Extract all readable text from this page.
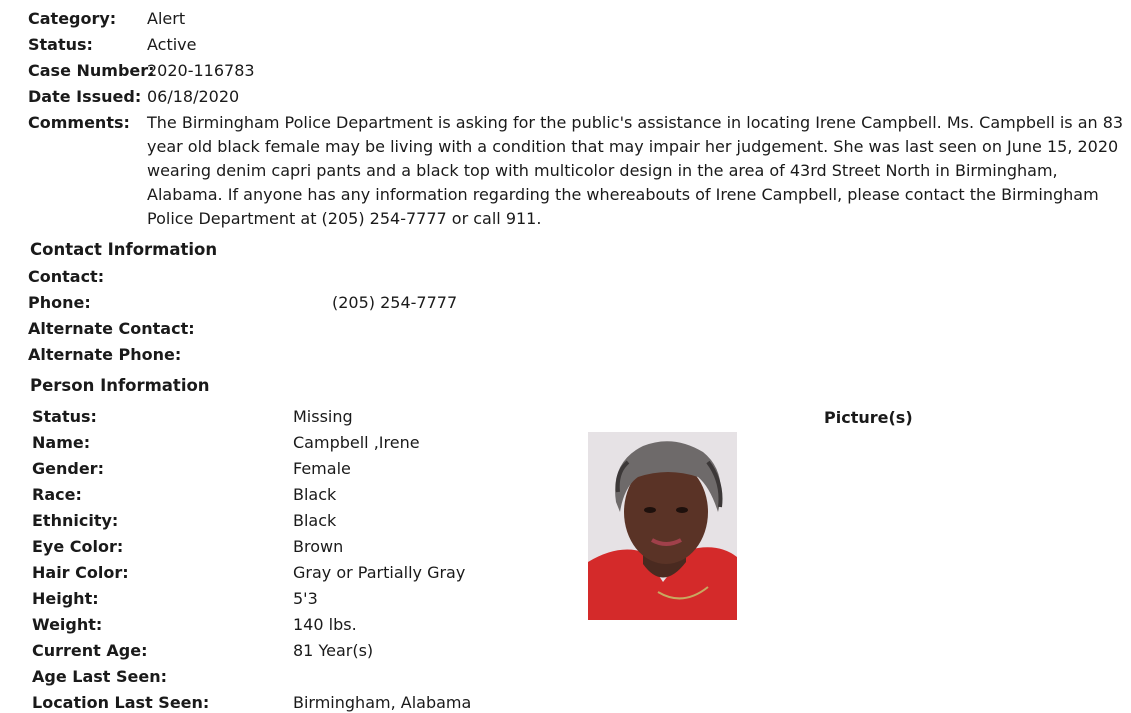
Category: Alert
Status:	Active
Case Number:
2020-116783
Date Issued: 06/18/2020
Comments: The Birmingham Police Department is asking for the public's assistance in locating Irene Campbell. Ms. Campbell is an 83
year old black female may be living with a condition that may impair her judgement. She was last seen on June 15, 2020
wearing denim capri pants and a black top with multicolor design in the area of 43rd Street North in Birmingham,
Alabama. If anyone has any information regarding the whereabouts of Irene Campbell, please contact the Birmingham
Police Department at (205) 254-7777 or call 911.
Contact Information
Contact:
Phone:	(205) 254-7777
Alternate Contact:
Alternate Phone:
Person Information
Picture(s)
Status:	Missing
Name:	Campbell ,Irene
Gender:	Female
Race:	Black
Ethnicity:	Black
Eye Color:	Brown
Hair Color:	Gray or Partially Gray
Height:	5'3
Weight:	140 lbs.
Current Age:	81 Year(s)
Age Last Seen:
Location Last Seen:	Birmingham, Alabama
